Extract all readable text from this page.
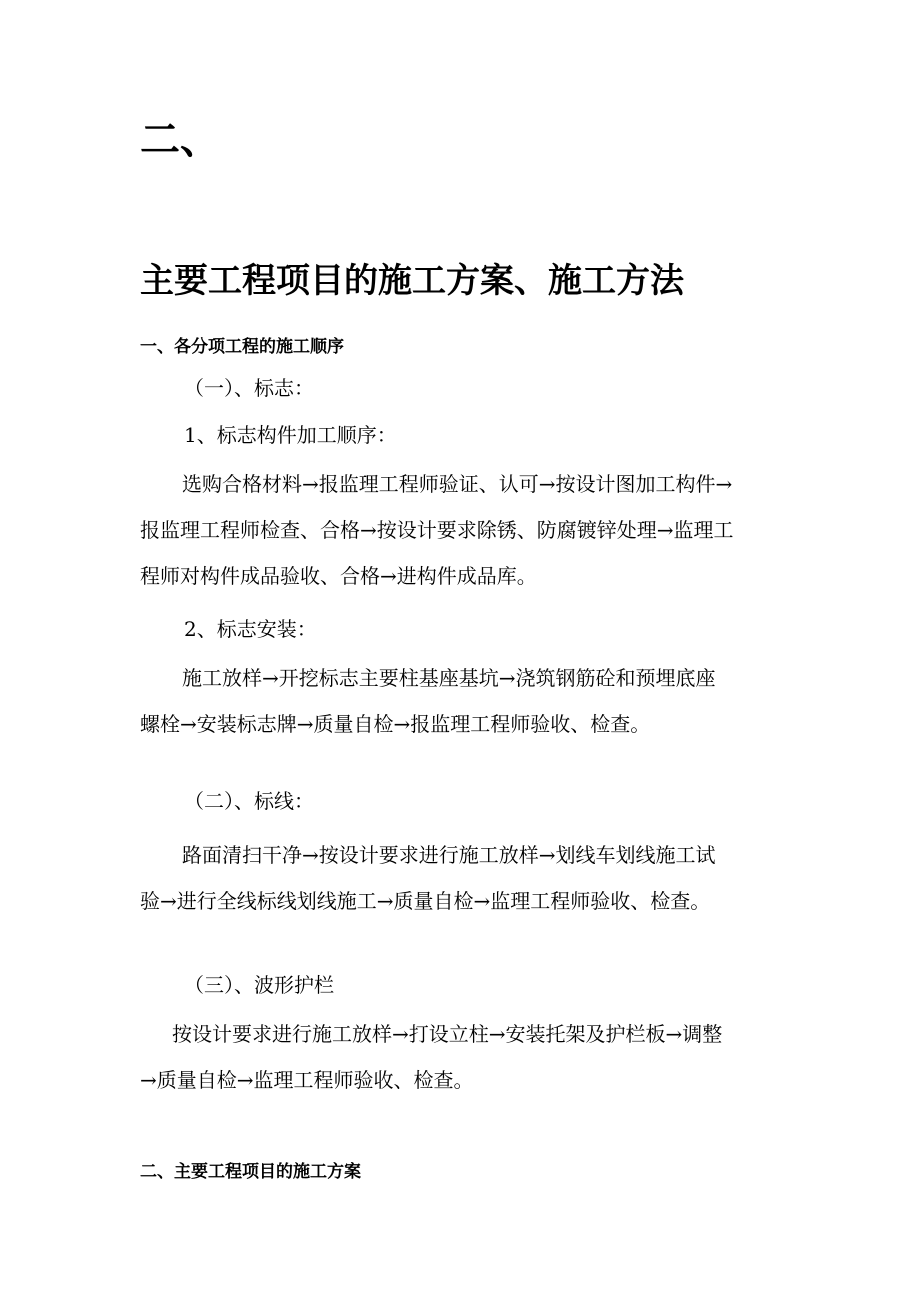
二、
主要工程项目的施工方案、施工方法
一、各分项工程的施工顺序
（一）、标志：
1、标志构件加工顺序：
选购合格材料→报监理工程师验证、认可→按设计图加工构件→
报监理工程师检查、合格→按设计要求除锈、防腐镀锌处理→监理工
程师对构件成品验收、合格→进构件成品库。
2、标志安装：
施工放样→开挖标志主要柱基座基坑→浇筑钢筋砼和预埋底座
螺栓→安装标志牌→质量自检→报监理工程师验收、检查。
（二）、标线：
路面清扫干净→按设计要求进行施工放样→划线车划线施工试
验→进行全线标线划线施工→质量自检→监理工程师验收、检查。
（三）、波形护栏
按设计要求进行施工放样→打设立柱→安装托架及护栏板→调整
→质量自检→监理工程师验收、检查。
二、主要工程项目的施工方案
